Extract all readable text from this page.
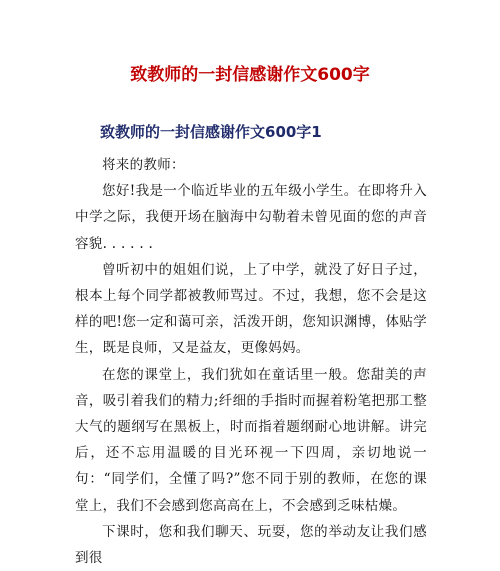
致教师的一封信感谢作文600字
致教师的一封信感谢作文600字1

将来的教师：

您好!我是一个临近毕业的五年级小学生。在即将升入中学之际，我便开场在脑海中勾勒着未曾见面的您的声音容貌. . . . . .

曾听初中的姐姐们说，上了中学，就没了好日子过，根本上每个同学都被教师骂过。不过，我想，您不会是这样的吧!您一定和蔼可亲，活泼开朗，您知识渊博，体贴学生，既是良师，又是益友，更像妈妈。

在您的课堂上，我们犹如在童话里一般。您甜美的声音，吸引着我们的精力;纤细的手指时而握着粉笔把那工整大气的题纲写在黑板上，时而指着题纲耐心地讲解。讲完后，还不忘用温暖的目光环视一下四周，亲切地说一句：“同学们，全懂了吗?”您不同于别的教师，在您的课堂上，我们不会感到您高高在上，不会感到乏味枯燥。

下课时，您和我们聊天、玩耍，您的举动友让我们感到很
